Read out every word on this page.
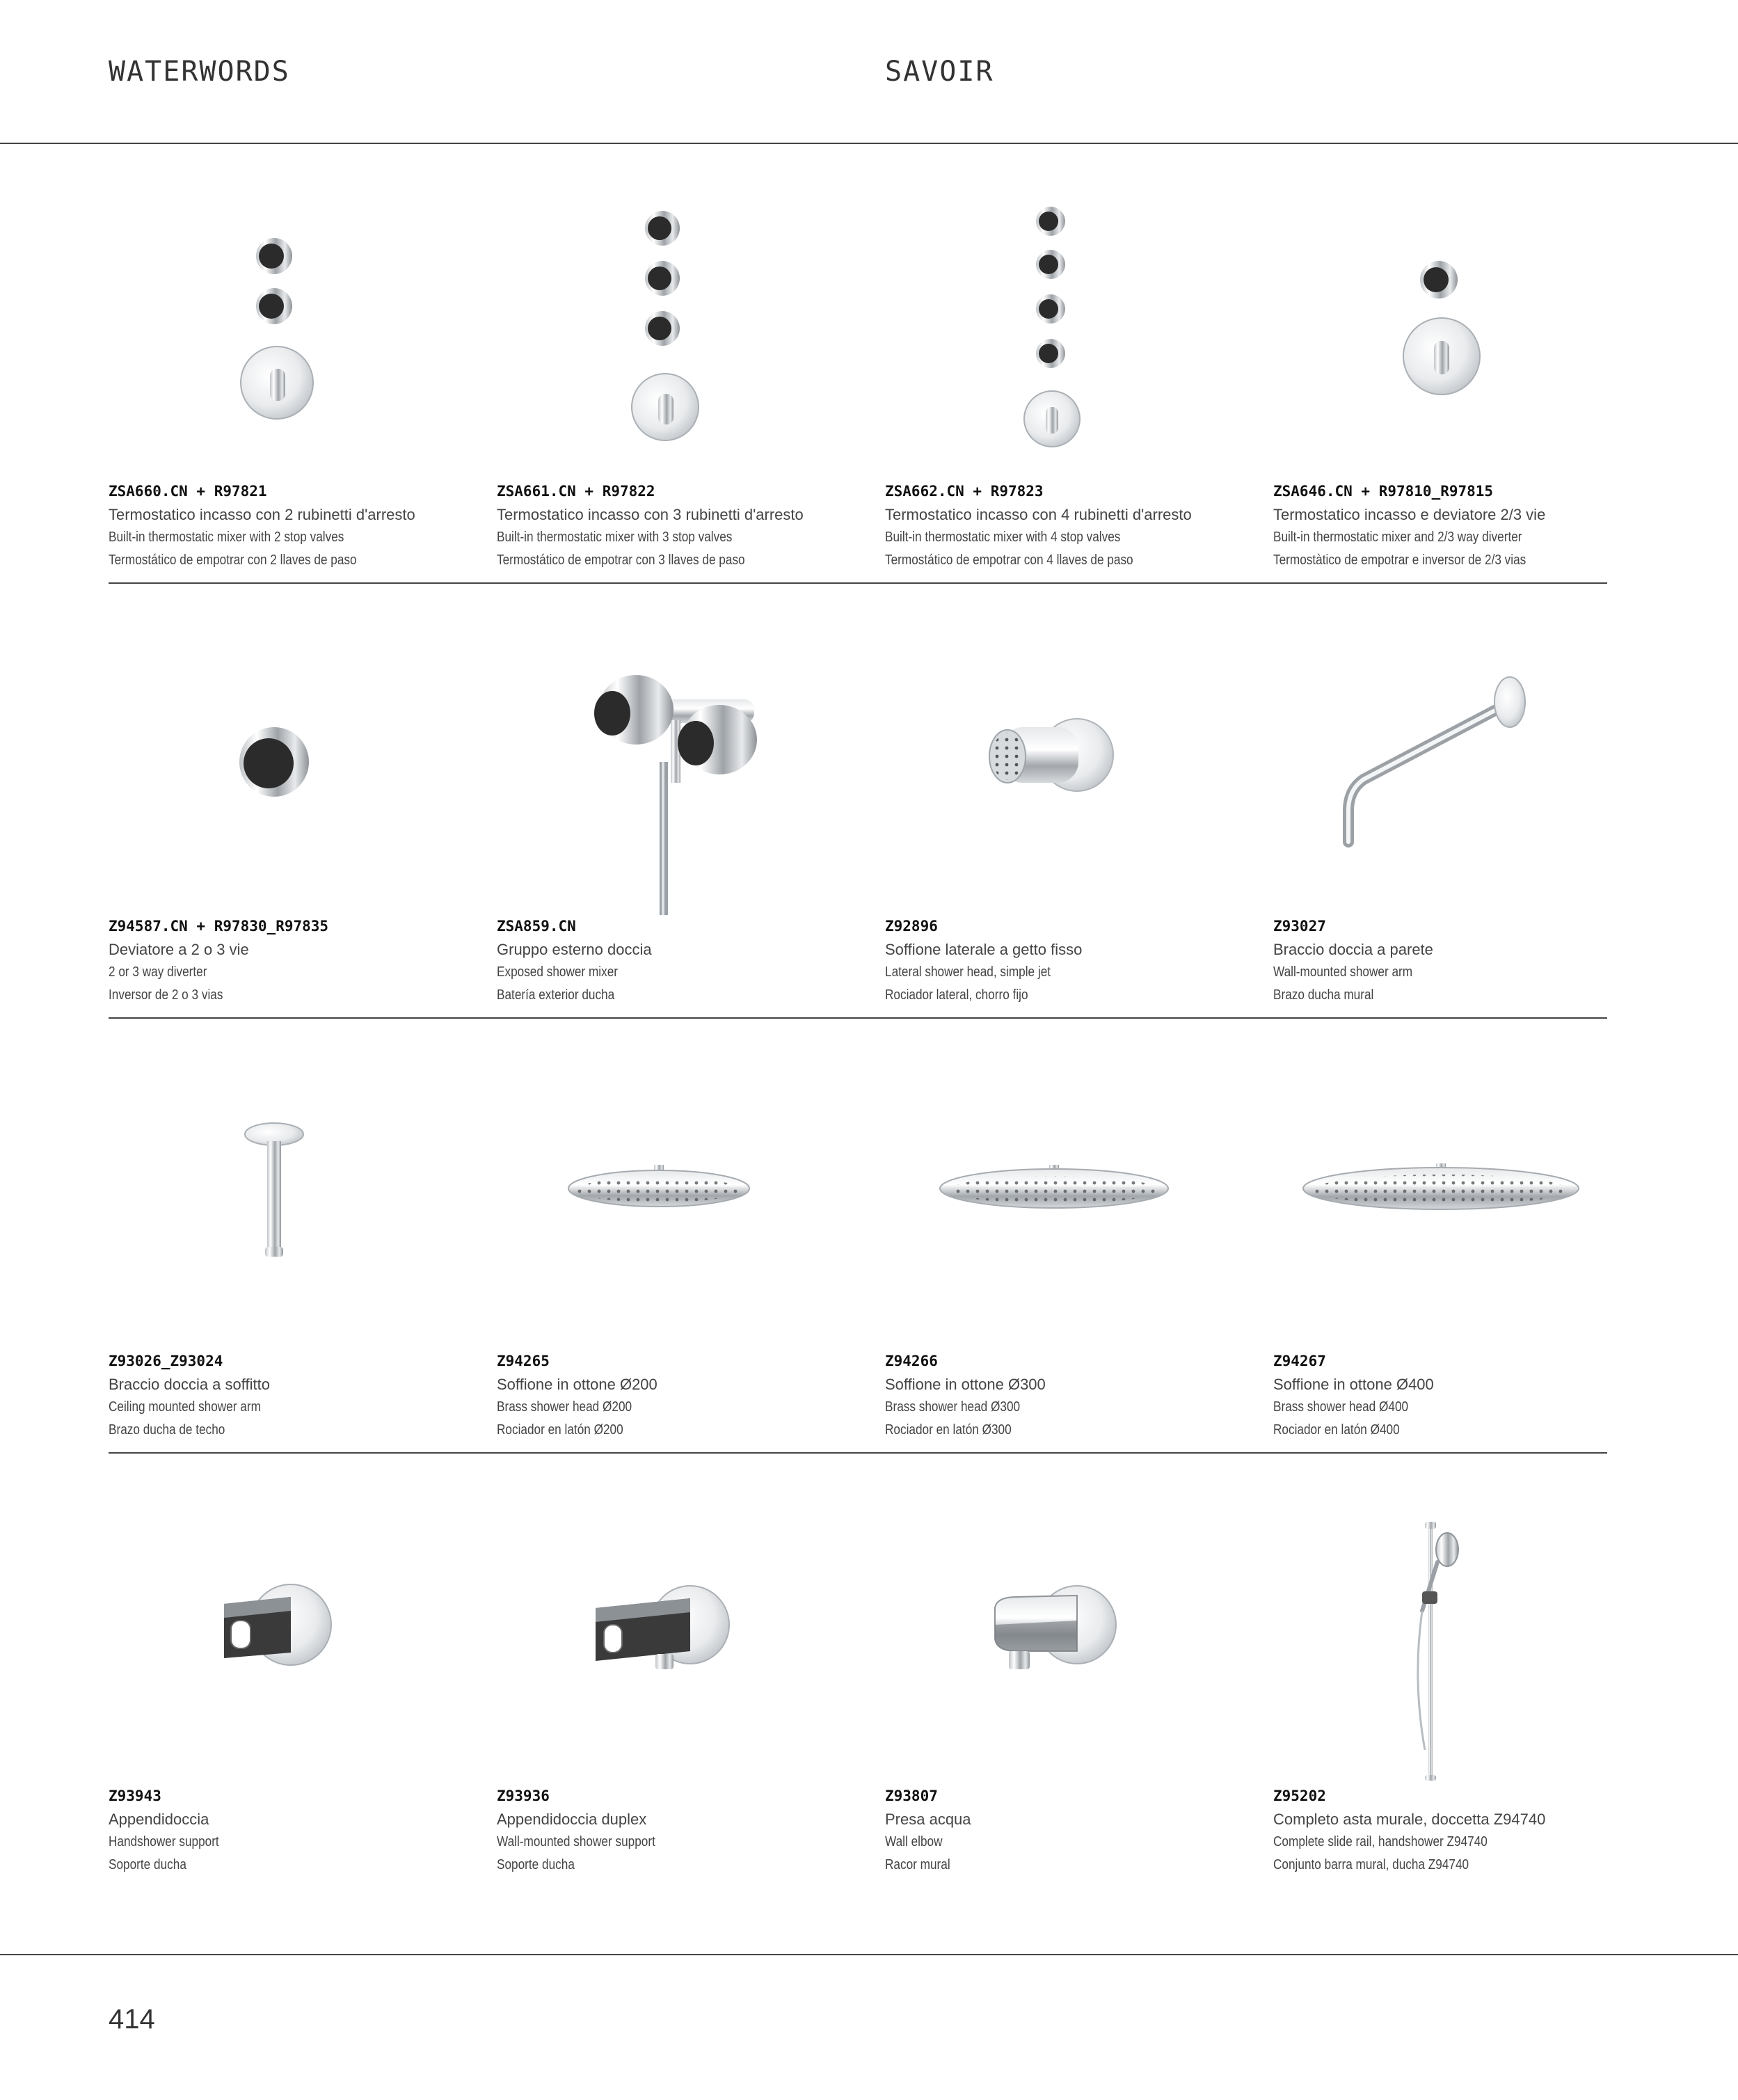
WATERWORDS	SAVOIR
ZSA660.CN + R97821
Termostatico incasso con 2 rubinetti d'arresto
Built-in thermostatic mixer with 2 stop valves
Termostático de empotrar con 2 llaves de paso
ZSA661.CN + R97822
Termostatico incasso con 3 rubinetti d'arresto
Built-in thermostatic mixer with 3 stop valves
Termostático de empotrar con 3 llaves de paso
ZSA662.CN + R97823
Termostatico incasso con 4 rubinetti d'arresto
Built-in thermostatic mixer with 4 stop valves
Termostático de empotrar con 4 llaves de paso
ZSA646.CN + R97810_R97815
Termostatico incasso e deviatore 2/3 vie
Built-in thermostatic mixer and 2/3 way diverter
Termostàtico de empotrar e inversor de 2/3 vias
Z94587.CN + R97830_R97835
Deviatore a 2 o 3 vie
2 or 3 way diverter
Inversor de 2 o 3 vias
ZSA859.CN
Gruppo esterno doccia
Exposed shower mixer
Batería exterior ducha
Z92896
Soffione laterale a getto fisso
Lateral shower head, simple jet
Rociador lateral, chorro fijo
Z93027
Braccio doccia a parete
Wall-mounted shower arm
Brazo ducha mural
Z93026_Z93024
Braccio doccia a soffitto
Ceiling mounted shower arm
Brazo ducha de techo
Z94265
Soffione in ottone Ø200
Brass shower head Ø200
Rociador en latón Ø200
Z94266
Soffione in ottone Ø300
Brass shower head Ø300
Rociador en latón Ø300
Z94267
Soffione in ottone Ø400
Brass shower head Ø400
Rociador en latón Ø400
Z93943
Appendidoccia
Handshower support
Soporte ducha
Z93936
Appendidoccia duplex
Wall-mounted shower support
Soporte ducha
Z93807
Presa acqua
Wall elbow
Racor mural
Z95202
Completo asta murale, doccetta Z94740
Complete slide rail, handshower Z94740
Conjunto barra mural, ducha Z94740
414
